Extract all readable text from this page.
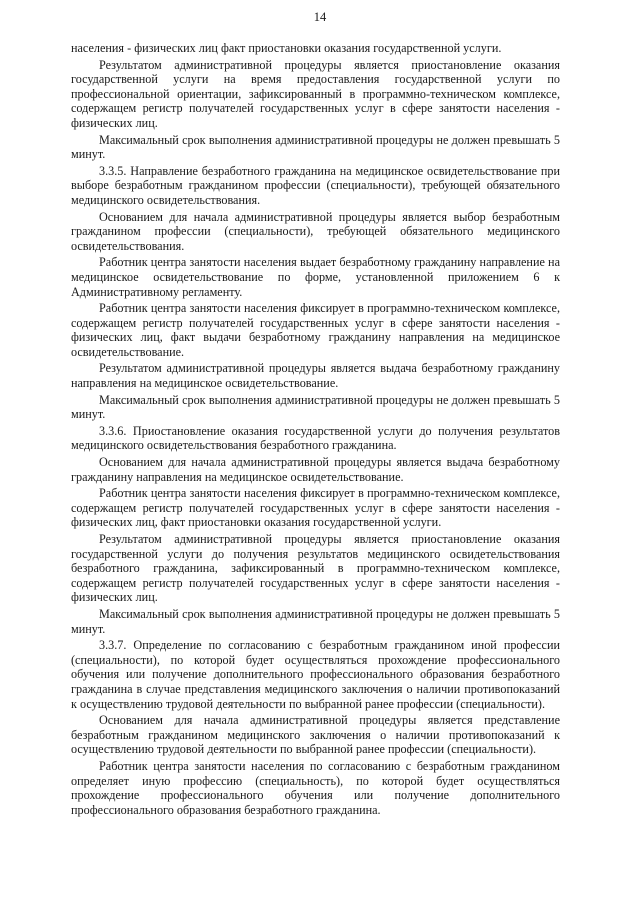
14

населения - физических лиц факт приостановки оказания государственной услуги.

Результатом административной процедуры является приостановление оказания государственной услуги на время предоставления государственной услуги по профессиональной ориентации, зафиксированный в программно-техническом комплексе, содержащем регистр получателей государственных услуг в сфере занятости населения - физических лиц.

Максимальный срок выполнения административной процедуры не должен превышать 5 минут.

3.3.5. Направление безработного гражданина на медицинское освидетельствование при выборе безработным гражданином профессии (специальности), требующей обязательного медицинского освидетельствования.

Основанием для начала административной процедуры является выбор безработным гражданином профессии (специальности), требующей обязательного медицинского освидетельствования.

Работник центра занятости населения выдает безработному гражданину направление на медицинское освидетельствование по форме, установленной приложением 6 к Административному регламенту.

Работник центра занятости населения фиксирует в программно-техническом комплексе, содержащем регистр получателей государственных услуг в сфере занятости населения - физических лиц, факт выдачи безработному гражданину направления на медицинское освидетельствование.

Результатом административной процедуры является выдача безработному гражданину направления на медицинское освидетельствование.

Максимальный срок выполнения административной процедуры не должен превышать 5 минут.

3.3.6. Приостановление оказания государственной услуги до получения результатов медицинского освидетельствования безработного гражданина.

Основанием для начала административной процедуры является выдача безработному гражданину направления на медицинское освидетельствование.

Работник центра занятости населения фиксирует в программно-техническом комплексе, содержащем регистр получателей государственных услуг в сфере занятости населения - физических лиц, факт приостановки оказания государственной услуги.

Результатом административной процедуры является приостановление оказания государственной услуги до получения результатов медицинского освидетельствования безработного гражданина, зафиксированный в программно-техническом комплексе, содержащем регистр получателей государственных услуг в сфере занятости населения - физических лиц.

Максимальный срок выполнения административной процедуры не должен превышать 5 минут.

3.3.7. Определение по согласованию с безработным гражданином иной профессии (специальности), по которой будет осуществляться прохождение профессионального обучения или получение дополнительного профессионального образования безработного гражданина в случае представления медицинского заключения о наличии противопоказаний к осуществлению трудовой деятельности по выбранной ранее профессии (специальности).

Основанием для начала административной процедуры является представление безработным гражданином медицинского заключения о наличии противопоказаний к осуществлению трудовой деятельности по выбранной ранее профессии (специальности).

Работник центра занятости населения по согласованию с безработным гражданином определяет иную профессию (специальность), по которой будет осуществляться прохождение профессионального обучения или получение дополнительного профессионального образования безработного гражданина.
